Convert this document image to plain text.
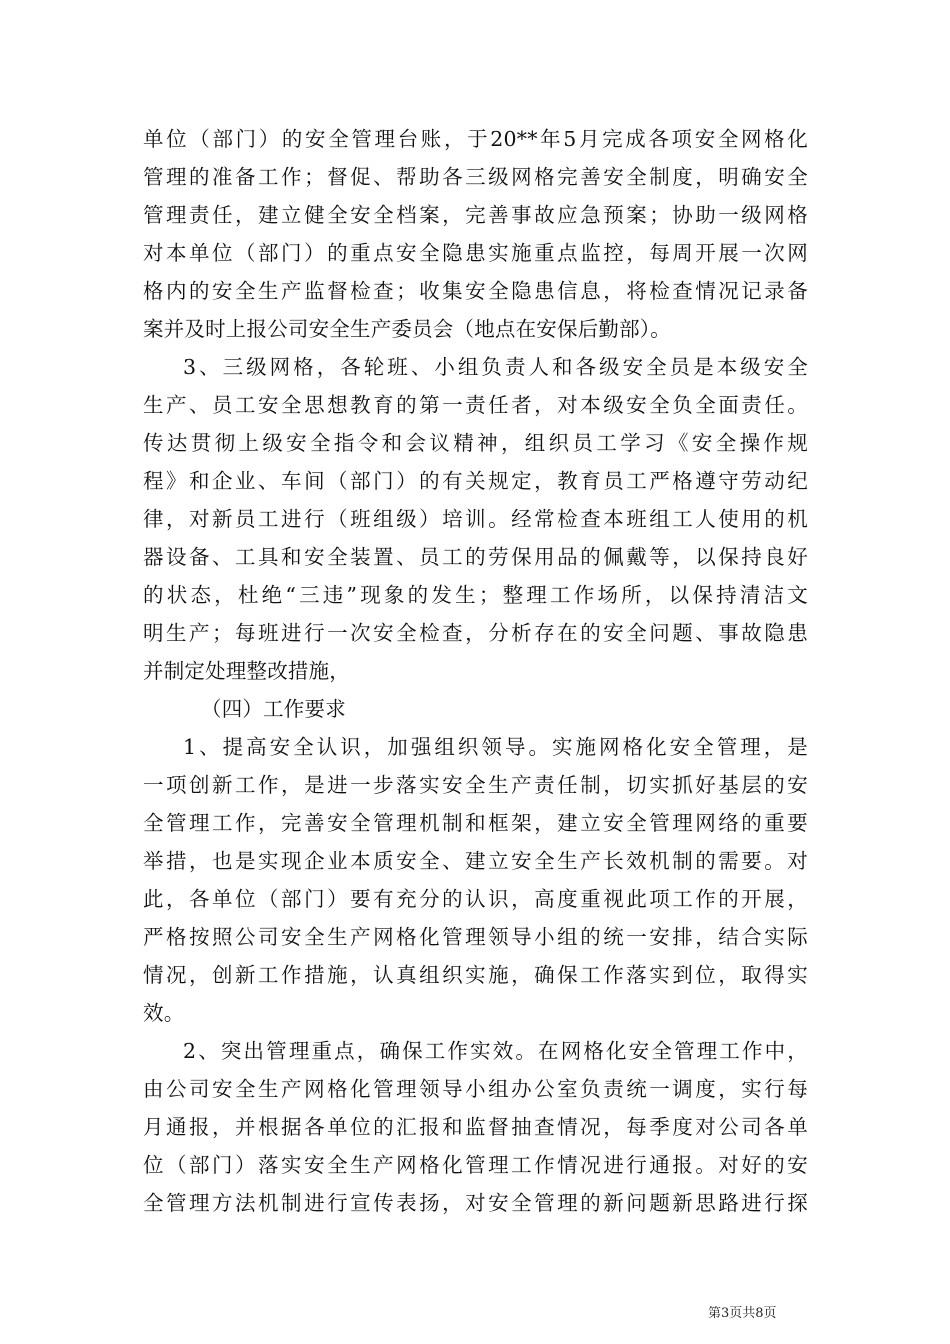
单位（部门）的安全管理台账，于20**年5月完成各项安全网格化
管理的准备工作；督促、帮助各三级网格完善安全制度，明确安全
管理责任，建立健全安全档案，完善事故应急预案；协助一级网格
对本单位（部门）的重点安全隐患实施重点监控，每周开展一次网
格内的安全生产监督检查；收集安全隐患信息，将检查情况记录备
案并及时上报公司安全生产委员会（地点在安保后勤部）。
3、三级网格，各轮班、小组负责人和各级安全员是本级安全
生产、员工安全思想教育的第一责任者，对本级安全负全面责任。
传达贯彻上级安全指令和会议精神，组织员工学习《安全操作规
程》和企业、车间（部门）的有关规定，教育员工严格遵守劳动纪
律，对新员工进行（班组级）培训。经常检查本班组工人使用的机
器设备、工具和安全装置、员工的劳保用品的佩戴等，以保持良好
的状态，杜绝“三违”现象的发生；整理工作场所，以保持清洁文
明生产；每班进行一次安全检查，分析存在的安全问题、事故隐患
并制定处理整改措施，
（四）工作要求
1、提高安全认识，加强组织领导。实施网格化安全管理，是
一项创新工作，是进一步落实安全生产责任制，切实抓好基层的安
全管理工作，完善安全管理机制和框架，建立安全管理网络的重要
举措，也是实现企业本质安全、建立安全生产长效机制的需要。对
此，各单位（部门）要有充分的认识，高度重视此项工作的开展，
严格按照公司安全生产网格化管理领导小组的统一安排，结合实际
情况，创新工作措施，认真组织实施，确保工作落实到位，取得实
效。
2、突出管理重点，确保工作实效。在网格化安全管理工作中，
由公司安全生产网格化管理领导小组办公室负责统一调度，实行每
月通报，并根据各单位的汇报和监督抽查情况，每季度对公司各单
位（部门）落实安全生产网格化管理工作情况进行通报。对好的安
全管理方法机制进行宣传表扬，对安全管理的新问题新思路进行探
第3页共8页
